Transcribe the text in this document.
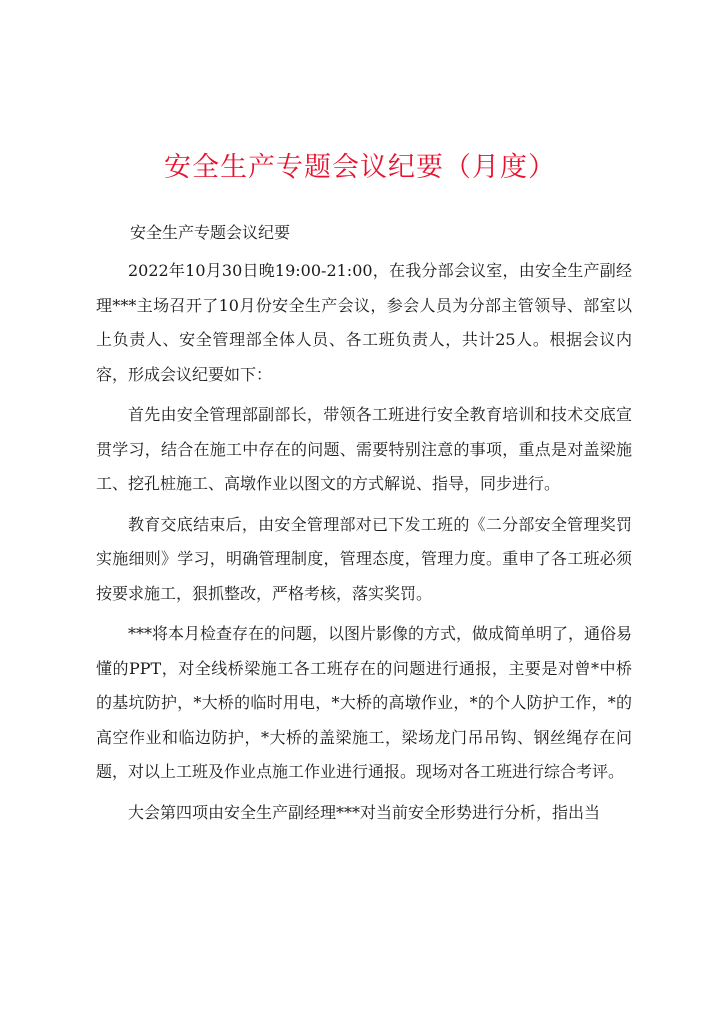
安全生产专题会议纪要（月度）

安全生产专题会议纪要

2022年10月30日晚19:00-21:00，在我分部会议室，由安全生产副经理***主场召开了10月份安全生产会议，参会人员为分部主管领导、部室以上负责人、安全管理部全体人员、各工班负责人，共计25人。根据会议内容，形成会议纪要如下：

首先由安全管理部副部长，带领各工班进行安全教育培训和技术交底宣贯学习，结合在施工中存在的问题、需要特别注意的事项，重点是对盖梁施工、挖孔桩施工、高墩作业以图文的方式解说、指导，同步进行。

教育交底结束后，由安全管理部对已下发工班的《二分部安全管理奖罚实施细则》学习，明确管理制度，管理态度，管理力度。重申了各工班必须按要求施工，狠抓整改，严格考核，落实奖罚。

***将本月检查存在的问题，以图片影像的方式，做成简单明了，通俗易懂的PPT，对全线桥梁施工各工班存在的问题进行通报，主要是对曾*中桥的基坑防护，*大桥的临时用电，*大桥的高墩作业，*的个人防护工作，*的高空作业和临边防护，*大桥的盖梁施工，梁场龙门吊吊钩、钢丝绳存在问题，对以上工班及作业点施工作业进行通报。现场对各工班进行综合考评。

大会第四项由安全生产副经理***对当前安全形势进行分析，指出当
